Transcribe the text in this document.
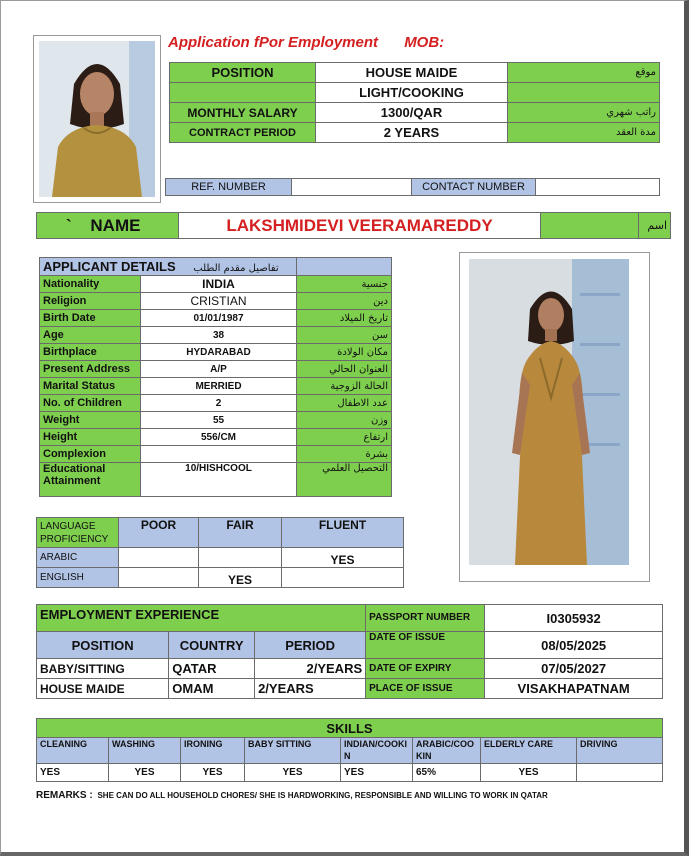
Application fPor Employment MOB:
POSITION	HOUSE MAIDE	موقع
	LIGHT/COOKING	
MONTHLY SALARY	1300/QAR	راتب شهري
CONTRACT PERIOD	2 YEARS	مدة العقد
REF. NUMBER		CONTACT NUMBER	
` NAME	LAKSHMIDEVI VEERAMAREDDY		اسم
APPLICANT DETAILS تفاصيل مقدم الطلب		
Nationality	INDIA	جنسية
Religion	CRISTIAN	دين
Birth Date	01/01/1987	تاريخ الميلاد
Age	38	سن
Birthplace	HYDARABAD	مكان الولادة
Present Address	A/P	العنوان الحالي
Marital Status	MERRIED	الحالة الزوجية
No. of Children	2	عدد الاطفال
Weight	55	وزن
Height	556/CM	ارتفاع
Complexion		بشرة
Educational Attainment	10/HISHCOOL	التحصيل العلمي
LANGUAGE PROFICIENCY	POOR	FAIR	FLUENT
ARABIC			YES
ENGLISH		YES	
EMPLOYMENT EXPERIENCE			PASSPORT NUMBER	I0305932
POSITION	COUNTRY	PERIOD	DATE OF ISSUE	08/05/2025
BABY/SITTING	QATAR	2/YEARS	DATE OF EXPIRY	07/05/2027
HOUSE MAIDE	OMAM	2/YEARS	PLACE OF ISSUE	VISAKHAPATNAM
SKILLS							
CLEANING	WASHING	IRONING	BABY SITTING	INDIAN/COOKIN	ARABIC/COOKIN	ELDERLY CARE	DRIVING
YES	YES	YES	YES	YES	65%	YES	
REMARKS : SHE CAN DO ALL HOUSEHOLD CHORES/ SHE IS HARDWORKING, RESPONSIBLE AND WILLING TO WORK IN QATAR
